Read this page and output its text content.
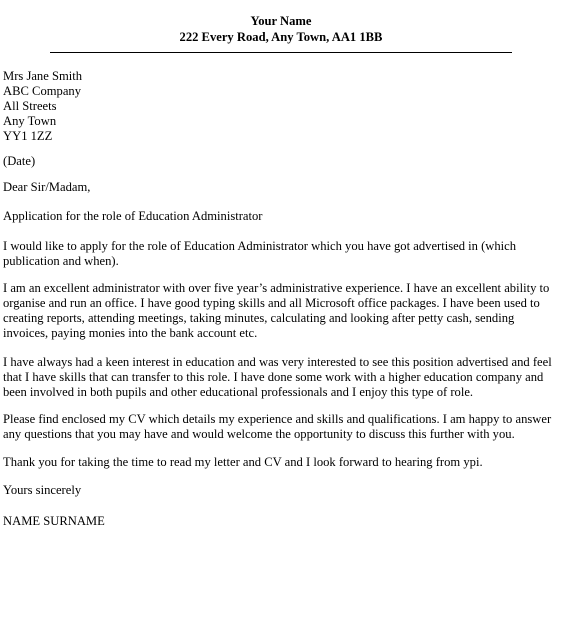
Your Name
222 Every Road, Any Town, AA1 1BB
Mrs Jane Smith
ABC Company
All Streets
Any Town
YY1 1ZZ

(Date)

Dear Sir/Madam,

Application for the role of Education Administrator

I would like to apply for the role of Education Administrator which you have got advertised in (which publication and when).

I am an excellent administrator with over five year’s administrative experience. I have an excellent ability to organise and run an office. I have good typing skills and all Microsoft office packages. I have been used to creating reports, attending meetings, taking minutes, calculating and looking after petty cash, sending invoices, paying monies into the bank account etc.

I have always had a keen interest in education and was very interested to see this position advertised and feel that I have skills that can transfer to this role. I have done some work with a higher education company and been involved in both pupils and other educational professionals and I enjoy this type of role.

Please find enclosed my CV which details my experience and skills and qualifications. I am happy to answer any questions that you may have and would welcome the opportunity to discuss this further with you.

Thank you for taking the time to read my letter and CV and I look forward to hearing from ypi.

Yours sincerely

NAME SURNAME
